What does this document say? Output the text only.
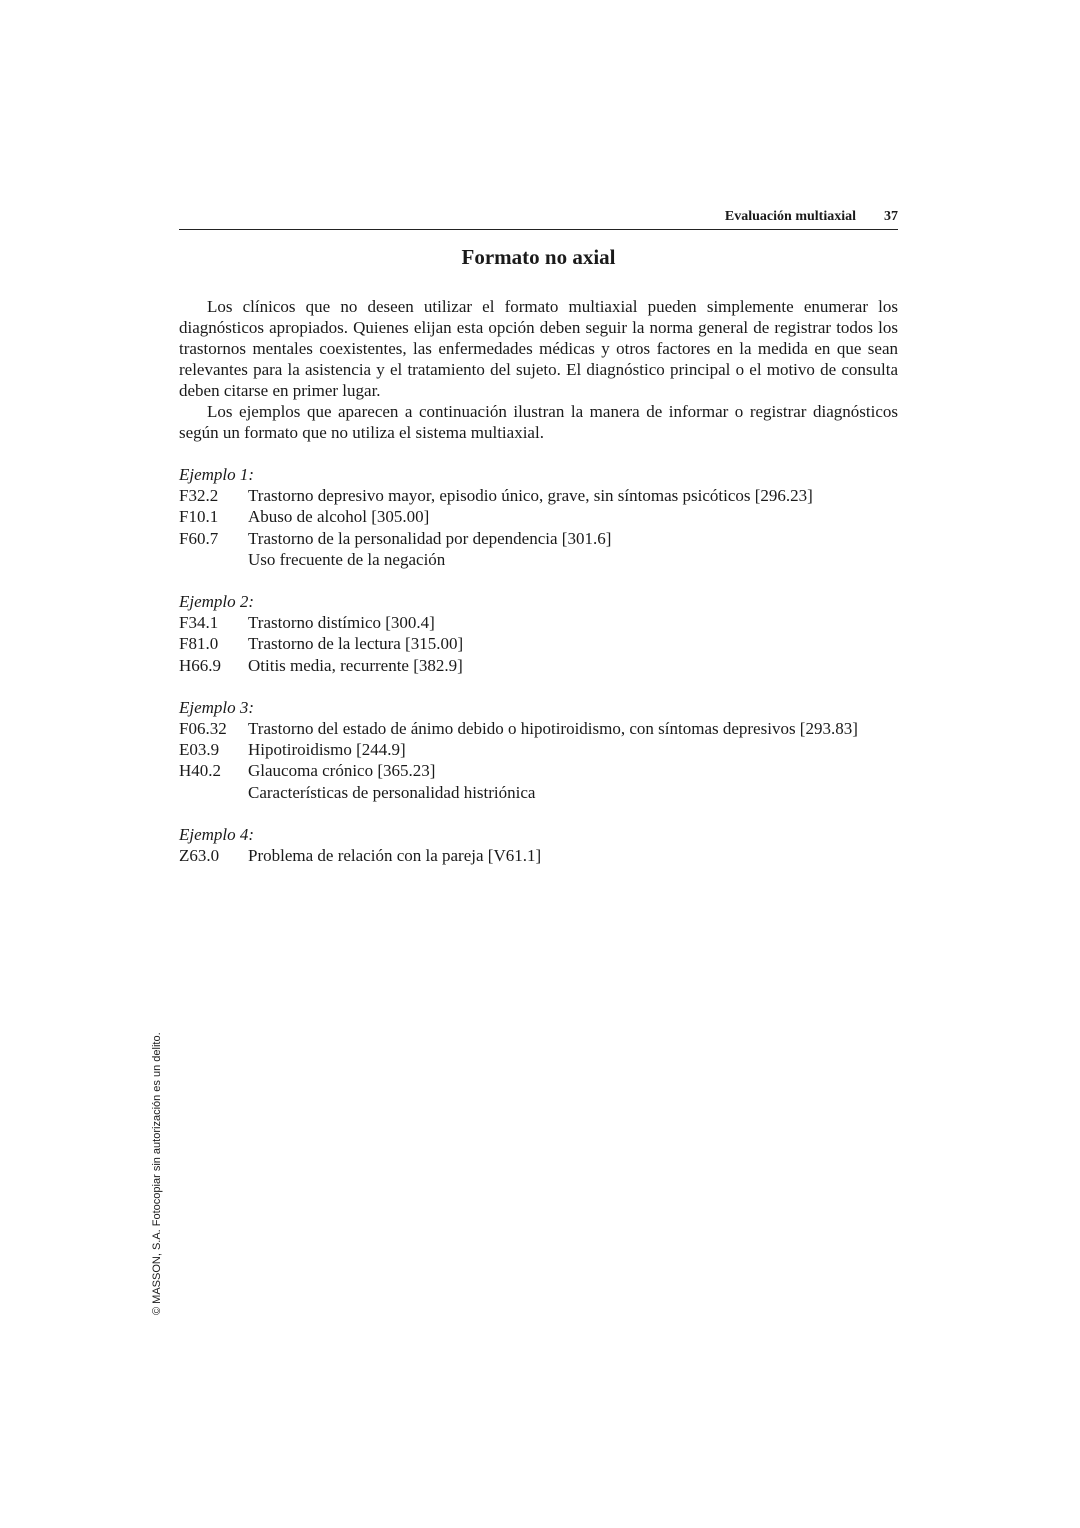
Evaluación multiaxial 37
Formato no axial

Los clínicos que no deseen utilizar el formato multiaxial pueden simplemente enumerar los diagnósticos apropiados. Quienes elijan esta opción deben seguir la norma general de registrar todos los trastornos mentales coexistentes, las enfermedades médicas y otros factores en la medida en que sean relevantes para la asistencia y el tratamiento del sujeto. El diagnóstico principal o el motivo de consulta deben citarse en primer lugar.

Los ejemplos que aparecen a continuación ilustran la manera de informar o registrar diagnósticos según un formato que no utiliza el sistema multiaxial.

Ejemplo 1:
F32.2	Trastorno depresivo mayor, episodio único, grave, sin síntomas psicóticos [296.23]
F10.1	Abuso de alcohol [305.00]
F60.7	Trastorno de la personalidad por dependencia [301.6]
Uso frecuente de la negación
Ejemplo 2:
F34.1	Trastorno distímico [300.4]
F81.0	Trastorno de la lectura [315.00]
H66.9	Otitis media, recurrente [382.9]
Ejemplo 3:
F06.32	Trastorno del estado de ánimo debido o hipotiroidismo, con síntomas depresivos [293.83]
E03.9	Hipotiroidismo [244.9]
H40.2	Glaucoma crónico [365.23]
Características de personalidad histriónica
Ejemplo 4:
Z63.0	Problema de relación con la pareja [V61.1]
© MASSON, S.A. Fotocopiar sin autorización es un delito.
